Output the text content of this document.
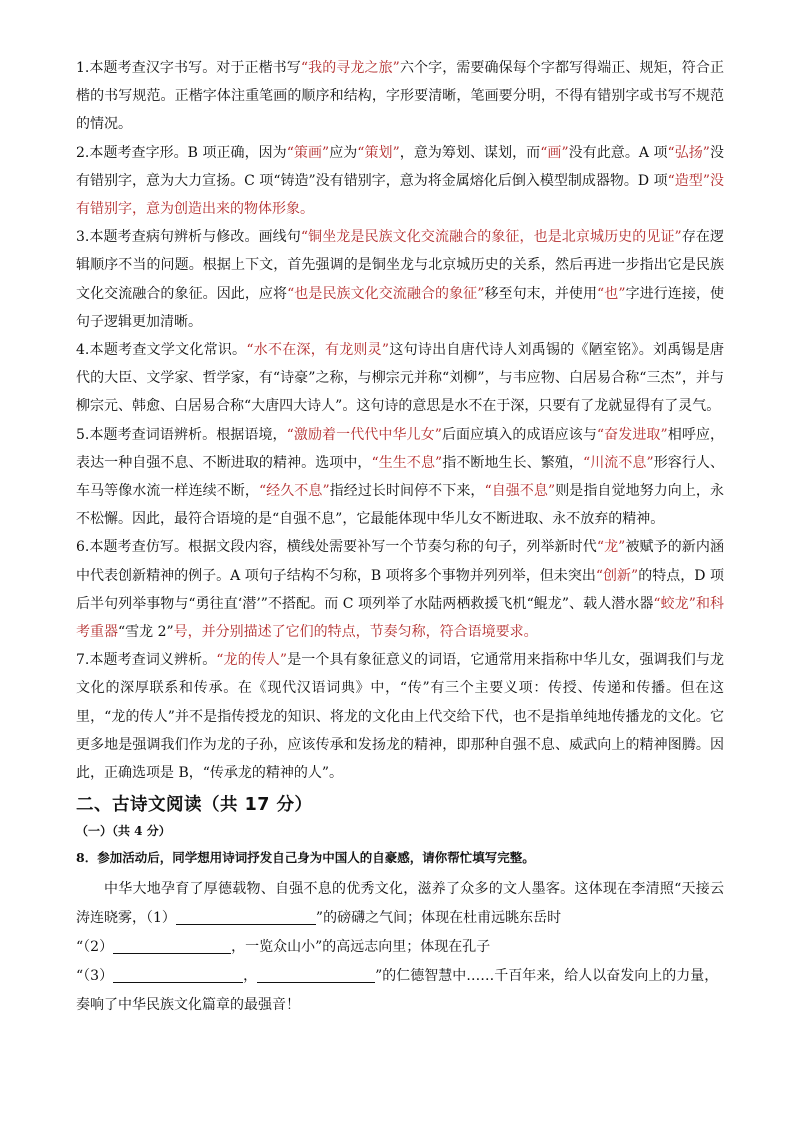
1.本题考查汉字书写。对于正楷书写“我的寻龙之旅”六个字，需要确保每个字都写得端正、规矩，符合正楷的书写规范。正楷字体注重笔画的顺序和结构，字形要清晰，笔画要分明，不得有错别字或书写不规范的情况。

2.本题考查字形。B 项正确，因为“策画”应为“策划”，意为筹划、谋划，而“画”没有此意。A 项“弘扬”没有错别字，意为大力宣扬。C 项“铸造”没有错别字，意为将金属熔化后倒入模型制成器物。D 项“造型”没有错别字，意为创造出来的物体形象。

3.本题考查病句辨析与修改。画线句“铜坐龙是民族文化交流融合的象征，也是北京城历史的见证”存在逻辑顺序不当的问题。根据上下文，首先强调的是铜坐龙与北京城历史的关系，然后再进一步指出它是民族文化交流融合的象征。因此，应将“也是民族文化交流融合的象征”移至句末，并使用“也”字进行连接，使句子逻辑更加清晰。

4.本题考查文学文化常识。“水不在深，有龙则灵”这句诗出自唐代诗人刘禹锡的《陋室铭》。刘禹锡是唐代的大臣、文学家、哲学家，有“诗豪”之称，与柳宗元并称“刘柳”，与韦应物、白居易合称“三杰”，并与柳宗元、韩愈、白居易合称“大唐四大诗人”。这句诗的意思是水不在于深，只要有了龙就显得有了灵气。

5.本题考查词语辨析。根据语境，“激励着一代代中华儿女”后面应填入的成语应该与“奋发进取”相呼应，表达一种自强不息、不断进取的精神。选项中，“生生不息”指不断地生长、繁殖，“川流不息”形容行人、车马等像水流一样连续不断，“经久不息”指经过长时间停不下来，“自强不息”则是指自觉地努力向上，永不松懈。因此，最符合语境的是“自强不息”，它最能体现中华儿女不断进取、永不放弃的精神。

6.本题考查仿写。根据文段内容，横线处需要补写一个节奏匀称的句子，列举新时代“龙”被赋予的新内涵中代表创新精神的例子。A 项句子结构不匀称，B 项将多个事物并列列举，但未突出“创新”的特点，D 项后半句列举事物与“勇往直‘潜’”不搭配。而 C 项列举了水陆两栖救援飞机“鲲龙”、载人潜水器“蛟龙”和科考重器“雪龙 2”号，并分别描述了它们的特点，节奏匀称，符合语境要求。

7.本题考查词义辨析。“龙的传人”是一个具有象征意义的词语，它通常用来指称中华儿女，强调我们与龙文化的深厚联系和传承。在《现代汉语词典》中，“传”有三个主要义项：传授、传递和传播。但在这里，“龙的传人”并不是指传授龙的知识、将龙的文化由上代交给下代，也不是指单纯地传播龙的文化。它更多地是强调我们作为龙的子孙，应该传承和发扬龙的精神，即那种自强不息、威武向上的精神图腾。因此，正确选项是 B，“传承龙的精神的人”。

二、古诗文阅读（共 17 分）
（一）（共 4 分）
8．参加活动后，同学想用诗词抒发自己身为中国人的自豪感，请你帮忙填写完整。
中华大地孕育了厚德载物、自强不息的优秀文化，滋养了众多的文人墨客。这体现在李清照“天接云涛连晓雾，（1）	”的磅礴之气间；体现在杜甫远眺东岳时
“（2）	，一览众山小”的高远志向里；体现在孔子
“（3）	，	”的仁德智慧中……千百年来，给人以奋发向上的力量，奏响了中华民族文化篇章的最强音！
